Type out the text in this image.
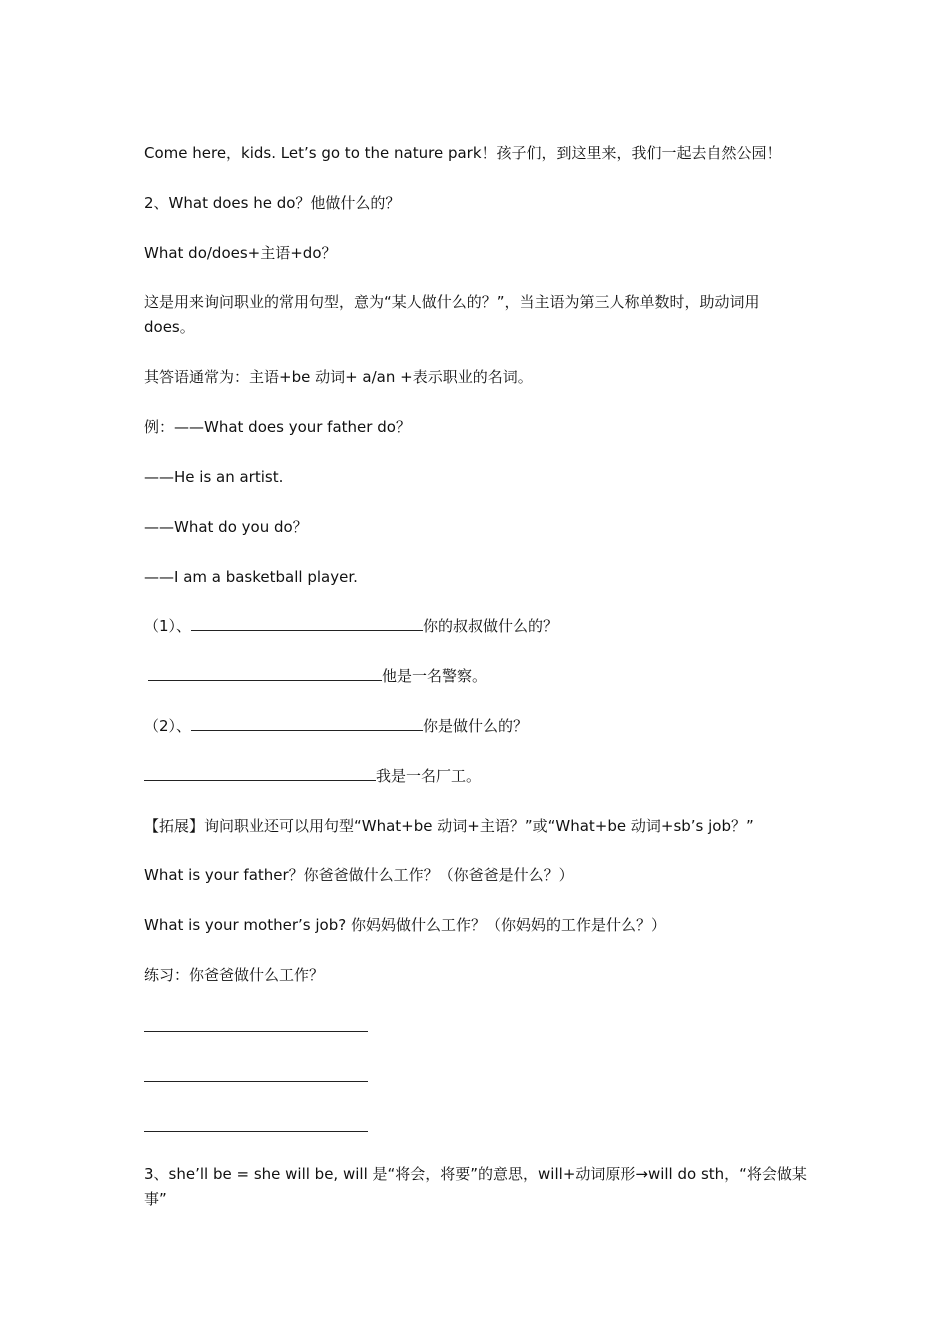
Come here，kids. Let’s go to the nature park！孩子们，到这里来，我们一起去自然公园！

2、What does he do？他做什么的？

What do/does+主语+do？

这是用来询问职业的常用句型，意为“某人做什么的？”，当主语为第三人称单数时，助动词用 does。

其答语通常为：主语+be 动词+ a/an +表示职业的名词。

例：——What does your father do？

——He is an artist.

——What do you do？

——I am a basketball player.

（1）、	你的叔叔做什么的？

他是一名警察。

（2）、	你是做什么的？

我是一名厂工。

【拓展】询问职业还可以用句型“What+be 动词+主语？”或“What+be 动词+sb’s job？”

What is your father？你爸爸做什么工作？（你爸爸是什么？）

What is your mother’s job? 你妈妈做什么工作？（你妈妈的工作是什么？）

练习：你爸爸做什么工作？

3、she’ll be = she will be, will 是“将会，将要”的意思，will+动词原形→will do sth，“将会做某事”
